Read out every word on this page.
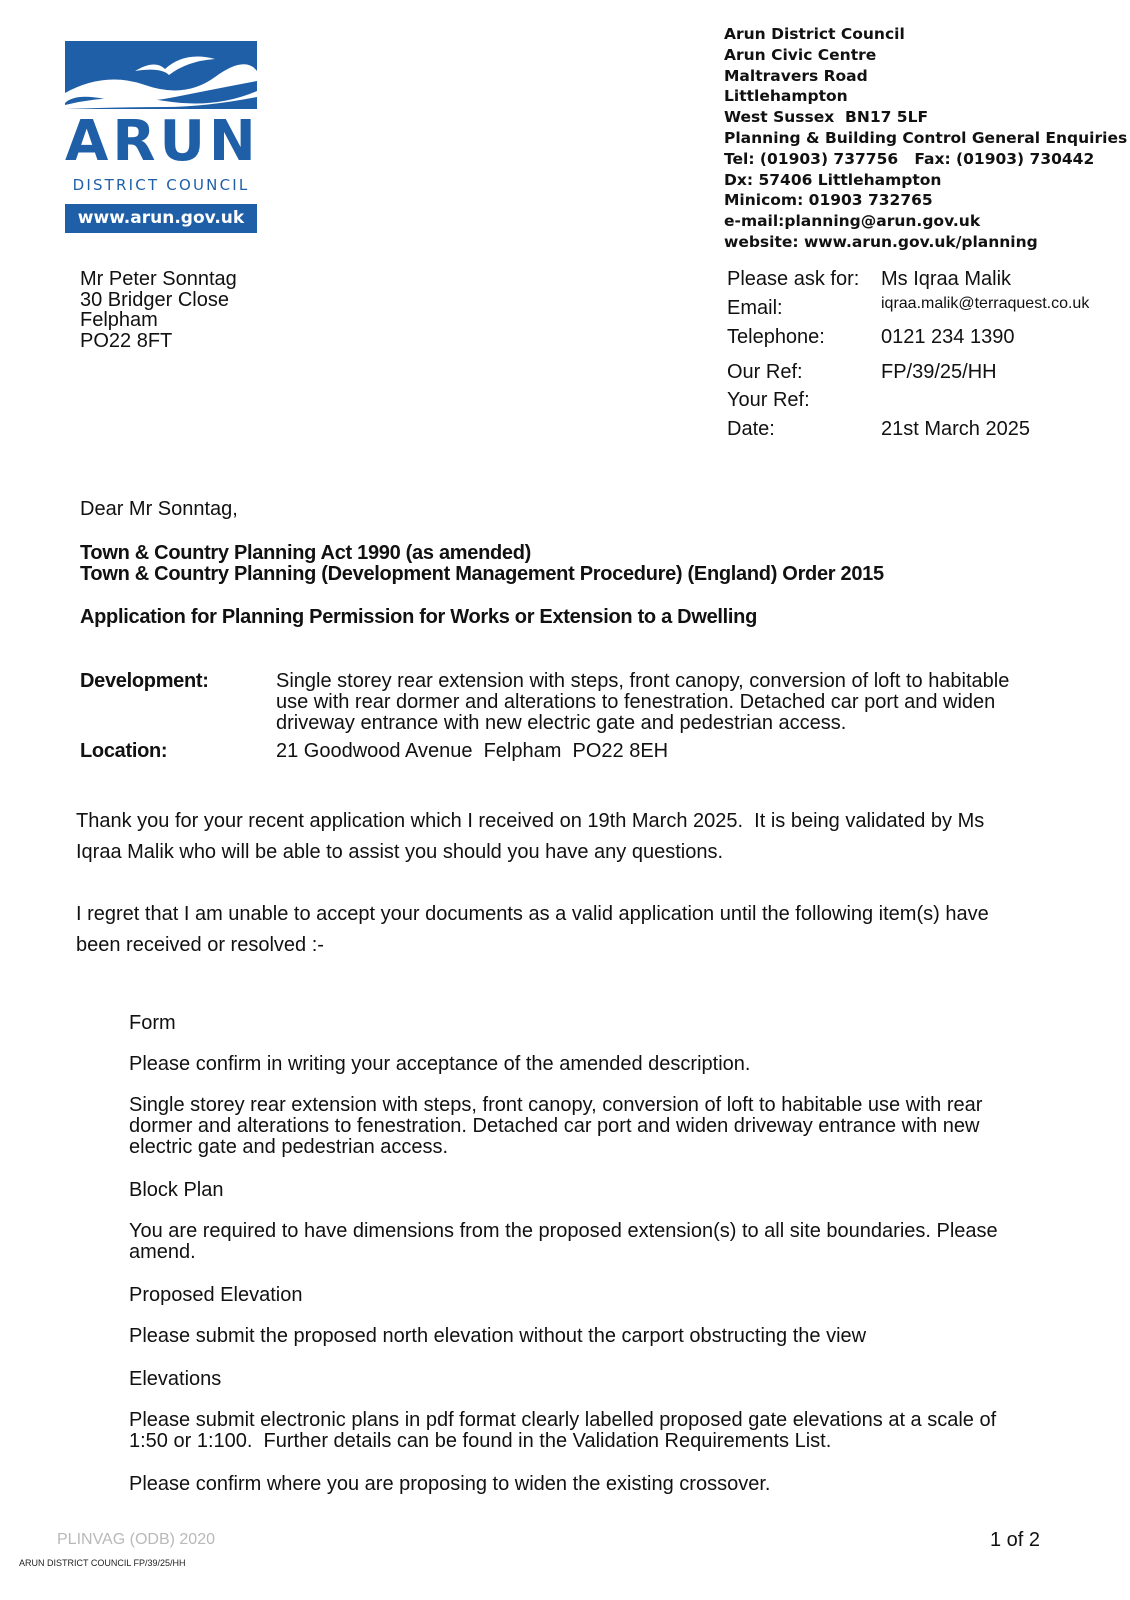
ARUN
DISTRICT COUNCIL
www.arun.gov.uk
Arun District Council
Arun Civic Centre
Maltravers Road
Littlehampton
West Sussex  BN17 5LF
Planning & Building Control General Enquiries
Tel: (01903) 737756   Fax: (01903) 730442
Dx: 57406 Littlehampton
Minicom: 01903 732765
e-mail:planning@arun.gov.uk
website: www.arun.gov.uk/planning
Mr Peter Sonntag
30 Bridger Close
Felpham
PO22 8FT
Please ask for: Ms Iqraa Malik
Email:	iqraa.malik@terraquest.co.uk
Telephone:	0121 234 1390
Our Ref:	FP/39/25/HH
Your Ref:
Date:	21st March 2025
Dear Mr Sonntag,
Town & Country Planning Act 1990 (as amended)
Town & Country Planning (Development Management Procedure) (England) Order 2015
Application for Planning Permission for Works or Extension to a Dwelling
Development:	Single storey rear extension with steps, front canopy, conversion of loft to habitable
use with rear dormer and alterations to fenestration. Detached car port and widen
driveway entrance with new electric gate and pedestrian access.
Location:	21 Goodwood Avenue  Felpham  PO22 8EH
Thank you for your recent application which I received on 19th March 2025.  It is being validated by Ms
Iqraa Malik who will be able to assist you should you have any questions.
I regret that I am unable to accept your documents as a valid application until the following item(s) have
been received or resolved :-
Form
Please confirm in writing your acceptance of the amended description.
Single storey rear extension with steps, front canopy, conversion of loft to habitable use with rear
dormer and alterations to fenestration. Detached car port and widen driveway entrance with new
electric gate and pedestrian access.
Block Plan
You are required to have dimensions from the proposed extension(s) to all site boundaries. Please
amend.
Proposed Elevation
Please submit the proposed north elevation without the carport obstructing the view
Elevations
Please submit electronic plans in pdf format clearly labelled proposed gate elevations at a scale of
1:50 or 1:100.  Further details can be found in the Validation Requirements List.
Please confirm where you are proposing to widen the existing crossover.
PLINVAG (ODB) 2020	1 of 2
ARUN DISTRICT COUNCIL FP/39/25/HH
